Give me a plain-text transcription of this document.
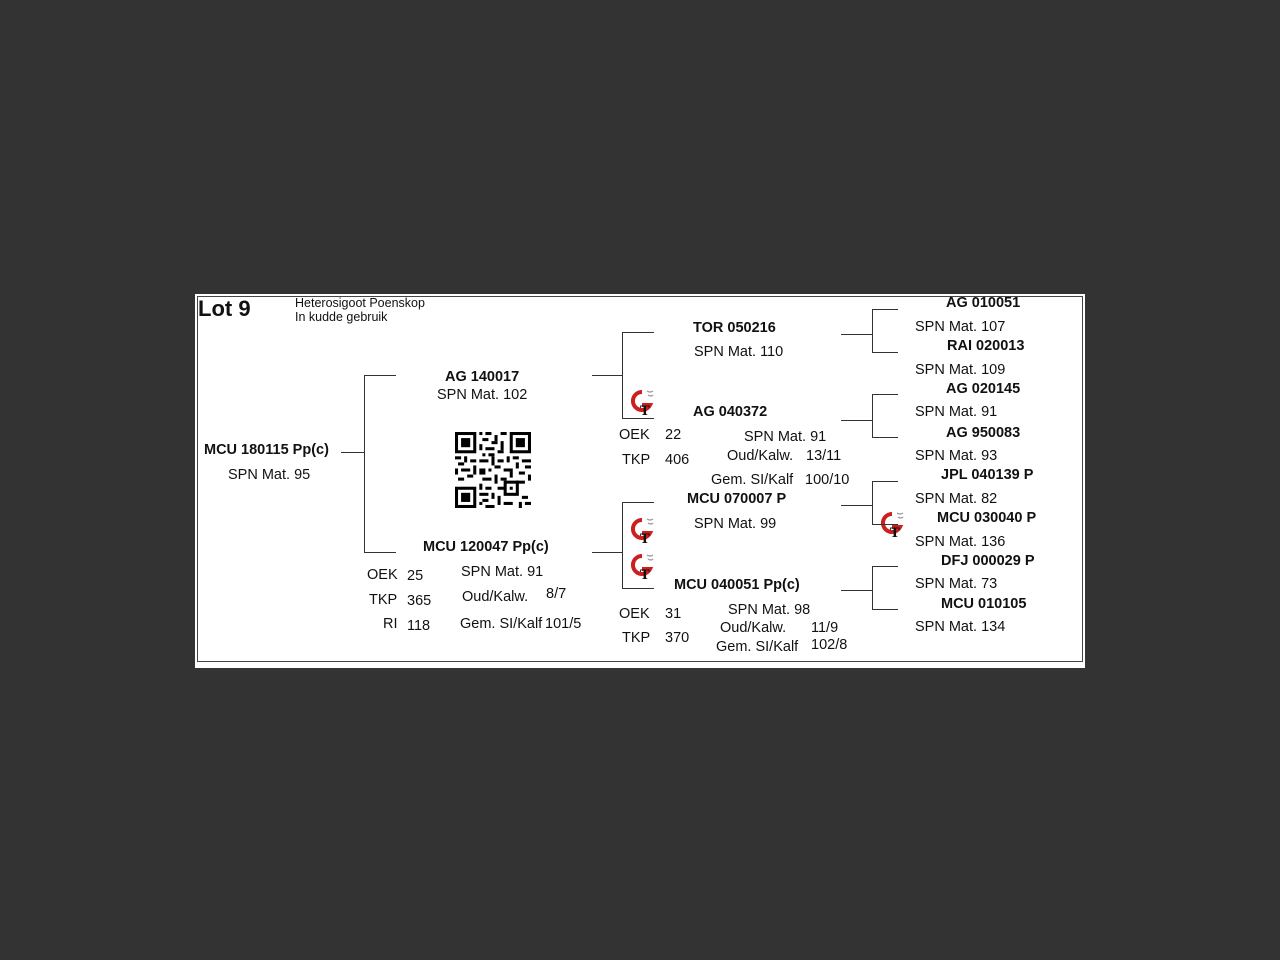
Lot 9	Heterosigoot Poenskop
In kudde gebruik
MCU 180115 Pp(c)
SPN Mat. 95
AG 140017
SPN Mat. 102
MCU 120047 Pp(c)
OEK 25
TKP 365
RI 118
SPN Mat. 91
Oud/Kalw. 8/7
Gem. SI/Kalf 101/5
T
T
T
T
TOR 050216
SPN Mat. 110
AG 040372
OEK 22
TKP 406
SPN Mat. 91
Oud/Kalw. 13/11
Gem. SI/Kalf 100/10
MCU 070007 P
SPN Mat. 99
MCU 040051 Pp(c)
OEK 31
TKP 370
SPN Mat. 98
Oud/Kalw. 11/9
Gem. SI/Kalf 102/8
AG 010051
SPN Mat. 107
RAI 020013
SPN Mat. 109
AG 020145
SPN Mat. 91
AG 950083
SPN Mat. 93
JPL 040139 P
SPN Mat. 82
MCU 030040 P
SPN Mat. 136
DFJ 000029 P
SPN Mat. 73
MCU 010105
SPN Mat. 134
